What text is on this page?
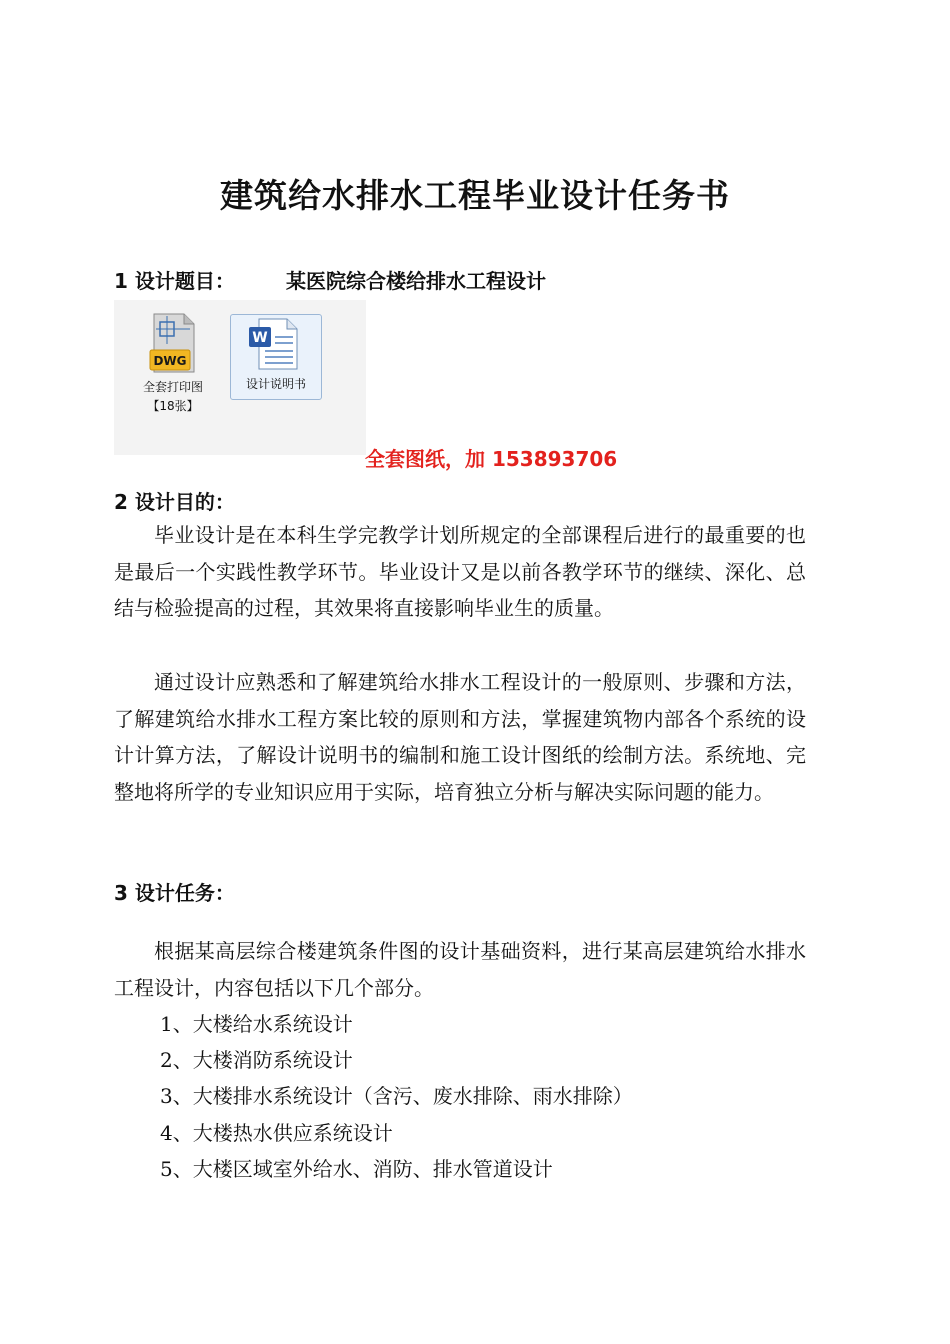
建筑给水排水工程毕业设计任务书
1 设计题目：	某医院综合楼给排水工程设计
DWG
全套打印图
【18张】
W
设计说明书
全套图纸，加 153893706
2 设计目的：

毕业设计是在本科生学完教学计划所规定的全部课程后进行的最重要的也是最后一个实践性教学环节。毕业设计又是以前各教学环节的继续、深化、总结与检验提高的过程，其效果将直接影响毕业生的质量。

通过设计应熟悉和了解建筑给水排水工程设计的一般原则、步骤和方法，了解建筑给水排水工程方案比较的原则和方法，掌握建筑物内部各个系统的设计计算方法，了解设计说明书的编制和施工设计图纸的绘制方法。系统地、完整地将所学的专业知识应用于实际，培育独立分析与解决实际问题的能力。

3 设计任务：

根据某高层综合楼建筑条件图的设计基础资料，进行某高层建筑给水排水工程设计，内容包括以下几个部分。

1、大楼给水系统设计
2、大楼消防系统设计
3、大楼排水系统设计（含污、废水排除、雨水排除）
4、大楼热水供应系统设计
5、大楼区域室外给水、消防、排水管道设计
